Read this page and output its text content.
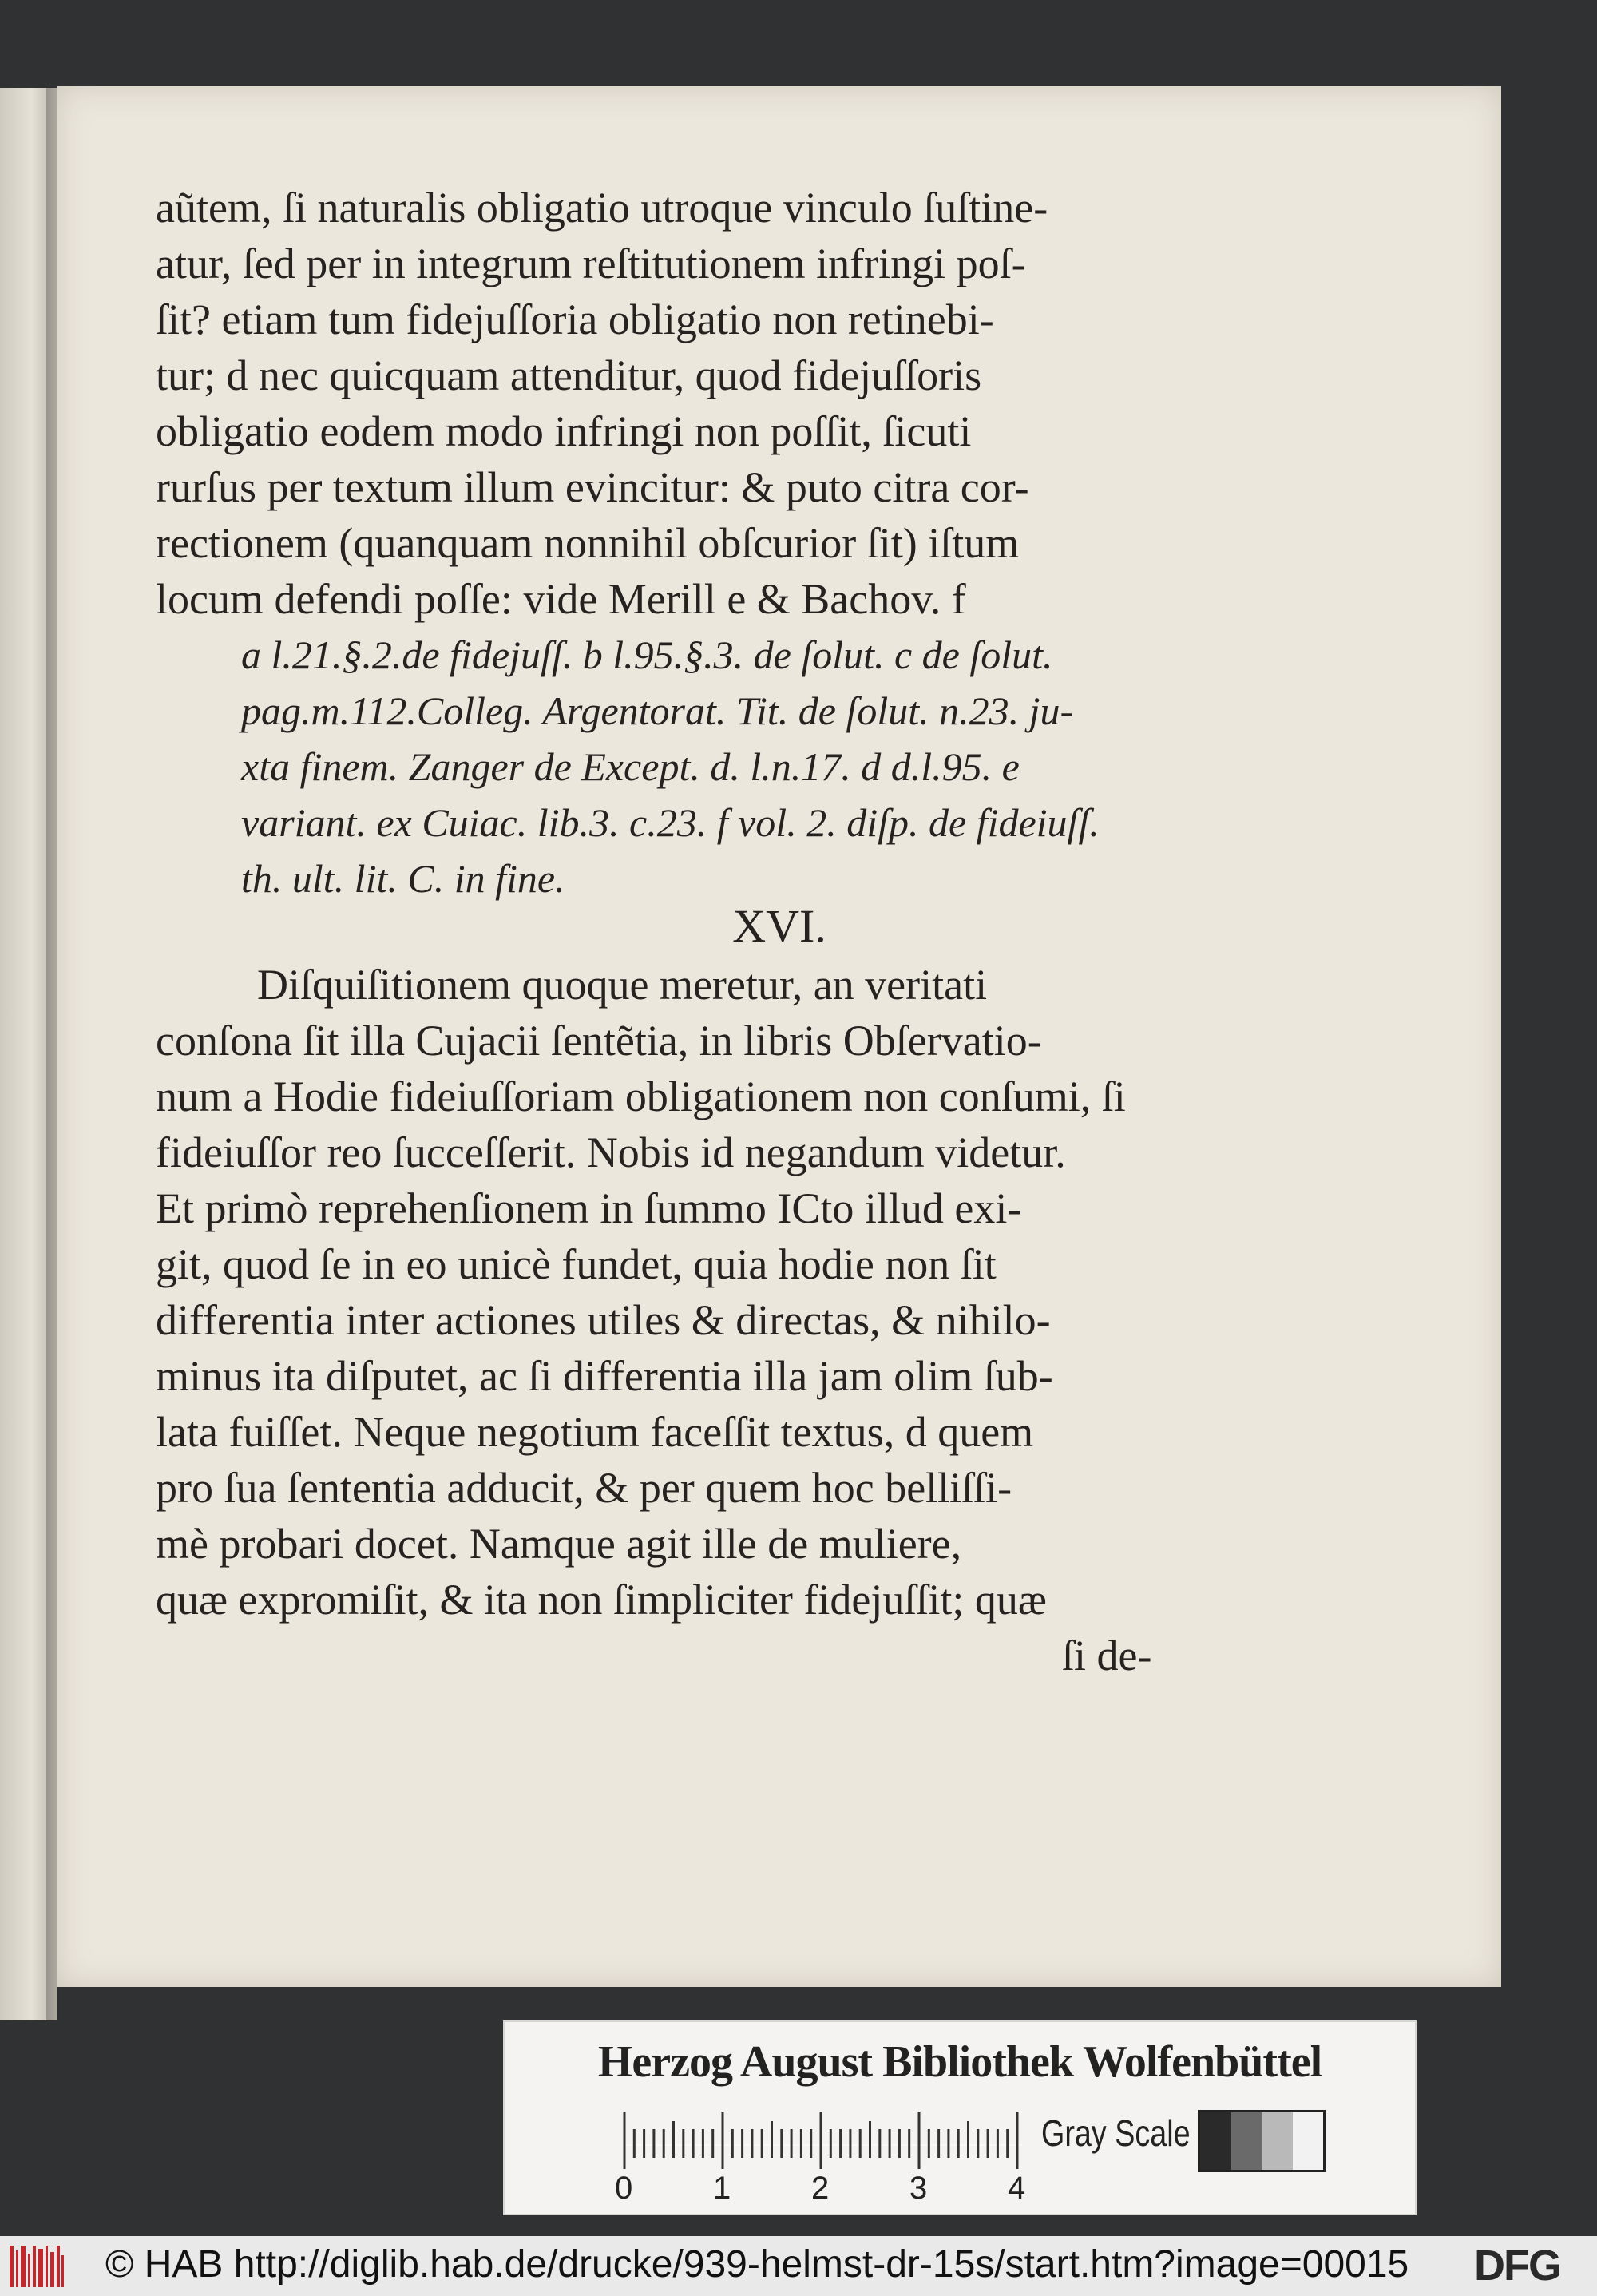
aũtem, ſi naturalis obligatio utroque vinculo ſuſtine-
atur, ſed per in integrum reſtitutionem infringi poſ-
ſit? etiam tum fidejuſſoria obligatio non retinebi-
tur; d nec quicquam attenditur, quod fidejuſſoris
obligatio eodem modo infringi non poſſit, ſicuti
rurſus per textum illum evincitur: & puto citra cor-
rectionem (quanquam nonnihil obſcurior ſit) iſtum
locum defendi poſſe: vide Merill e & Bachov. f
a l.21.§.2.de fidejuſſ. b l.95.§.3. de ſolut. c de ſolut.
pag.m.112.Colleg. Argentorat. Tit. de ſolut. n.23. ju-
xta finem. Zanger de Except. d. l.n.17. d d.l.95. e
variant. ex Cuiac. lib.3. c.23. f vol. 2. diſp. de fideiuſſ.
th. ult. lit. C. in fine.
XVI.
Diſquiſitionem quoque meretur, an veritati
conſona ſit illa Cujacii ſentẽtia, in libris Obſervatio-
num a Hodie fideiuſſoriam obligationem non conſumi, ſi
fideiuſſor reo ſucceſſerit. Nobis id negandum videtur.
Et primò reprehenſionem in ſummo ICto illud exi-
git, quod ſe in eo unicè fundet, quia hodie non ſit
differentia inter actiones utiles & directas, & nihilo-
minus ita diſputet, ac ſi differentia illa jam olim ſub-
lata fuiſſet. Neque negotium faceſſit textus, d quem
pro ſua ſententia adducit, & per quem hoc belliſſi-
mè probari docet. Namque agit ille de muliere,
quæ expromiſit, & ita non ſimpliciter fidejuſſit; quæ
ſi de-
Herzog August Bibliothek Wolfenbüttel
0	1	2	3	4
Gray Scale
© HAB http://diglib.hab.de/drucke/939-helmst-dr-15s/start.htm?image=00015 DFG
